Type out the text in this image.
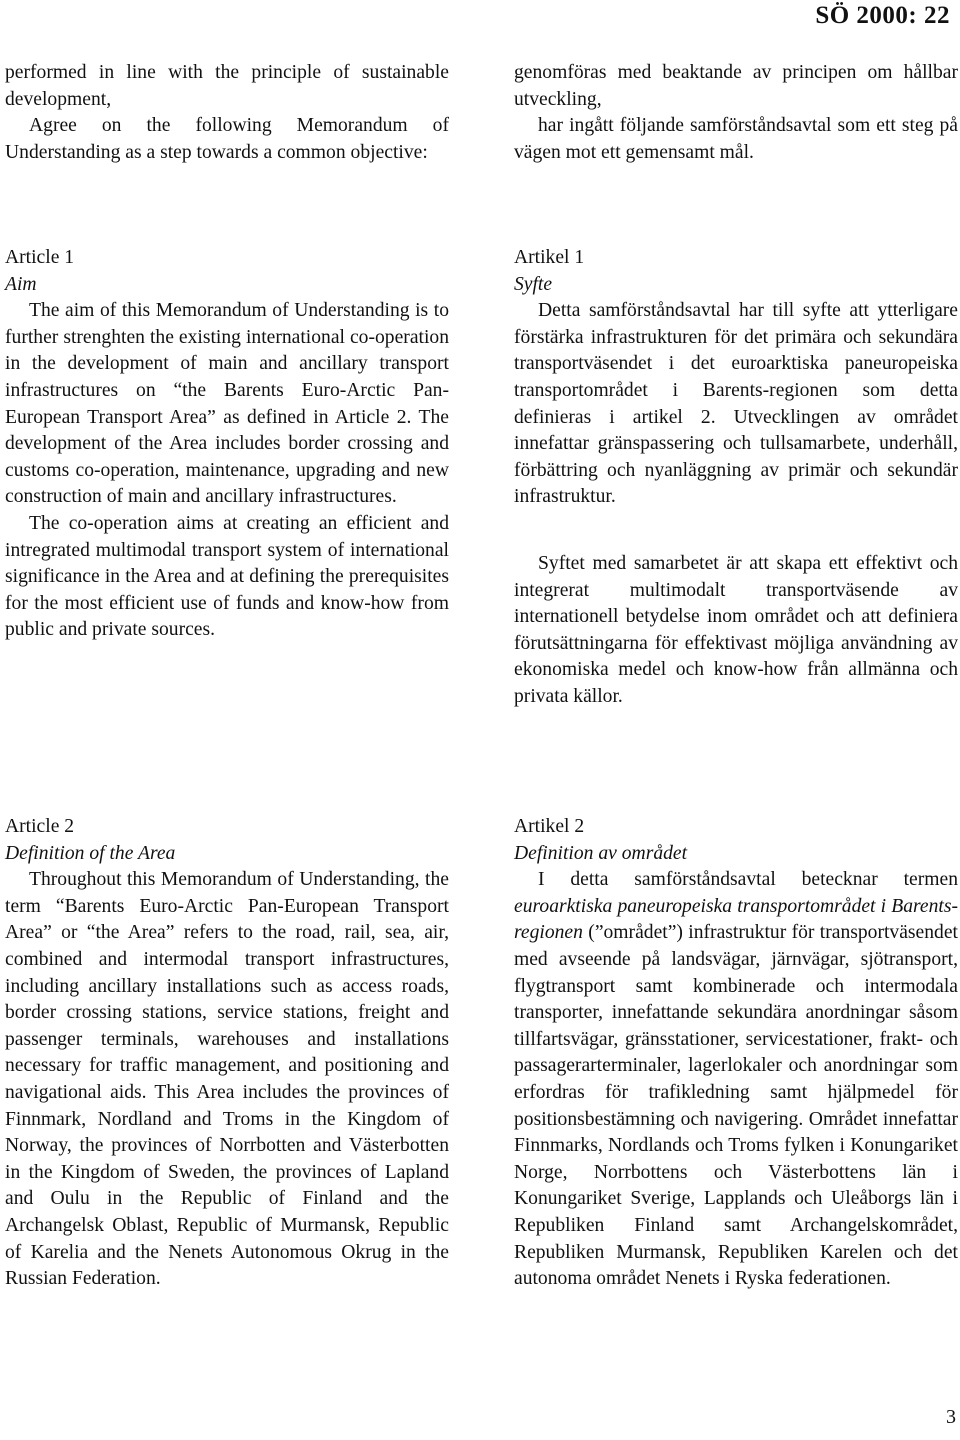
SÖ 2000: 22

performed in line with the principle of sustainable development,

Agree on the following Memorandum of Understanding as a step towards a common objective:

genomföras med beaktande av principen om hållbar utveckling,

har ingått följande samförståndsavtal som ett steg på vägen mot ett gemensamt mål.

Article 1

Aim

The aim of this Memorandum of Understanding is to further strenghten the existing international co-operation in the development of main and ancillary transport infrastructures on “the Barents Euro-Arctic Pan-European Transport Area” as defined in Article 2. The development of the Area includes border crossing and customs co-operation, maintenance, upgrading and new construction of main and ancillary infrastructures.

The co-operation aims at creating an efficient and intregrated multimodal transport system of international significance in the Area and at defining the prerequisites for the most efficient use of funds and know-how from public and private sources.

Artikel 1

Syfte

Detta samförståndsavtal har till syfte att ytterligare förstärka infrastrukturen för det primära och sekundära transportväsendet i det euroarktiska paneuropeiska transportområdet i Barents-regionen som detta definieras i artikel 2. Utvecklingen av området innefattar gränspassering och tullsamarbete, underhåll, förbättring och nyanläggning av primär och sekundär infrastruktur.

Syftet med samarbetet är att skapa ett effektivt och integrerat multimodalt transportväsende av internationell betydelse inom området och att definiera förutsättningarna för effektivast möjliga användning av ekonomiska medel och know-how från allmänna och privata källor.

Article 2

Definition of the Area

Throughout this Memorandum of Understanding, the term “Barents Euro-Arctic Pan-European Transport Area” or “the Area” refers to the road, rail, sea, air, combined and intermodal transport infrastructures, including ancillary installations such as access roads, border crossing stations, service stations, freight and passenger terminals, warehouses and installations necessary for traffic management, and positioning and navigational aids. This Area includes the provinces of Finnmark, Nordland and Troms in the Kingdom of Norway, the provinces of Norrbotten and Västerbotten in the Kingdom of Sweden, the provinces of Lapland and Oulu in the Republic of Finland and the Archangelsk Oblast, Republic of Murmansk, Republic of Karelia and the Nenets Autonomous Okrug in the Russian Federation.

Artikel 2

Definition av området

I detta samförståndsavtal betecknar termen euroarktiska paneuropeiska transportområdet i Barents-regionen (”området”) infrastruktur för transportväsendet med avseende på landsvägar, järnvägar, sjötransport, flygtransport samt kombinerade och intermodala transporter, innefattande sekundära anordningar såsom tillfartsvägar, gränsstationer, servicestationer, frakt- och passagerarterminaler, lagerlokaler och anordningar som erfordras för trafikledning samt hjälpmedel för positionsbestämning och navigering. Området innefattar Finnmarks, Nordlands och Troms fylken i Konungariket Norge, Norrbottens och Västerbottens län i Konungariket Sverige, Lapplands och Uleåborgs län i Republiken Finland samt Archangelskområdet, Republiken Murmansk, Republiken Karelen och det autonoma området Nenets i Ryska federationen.

3
